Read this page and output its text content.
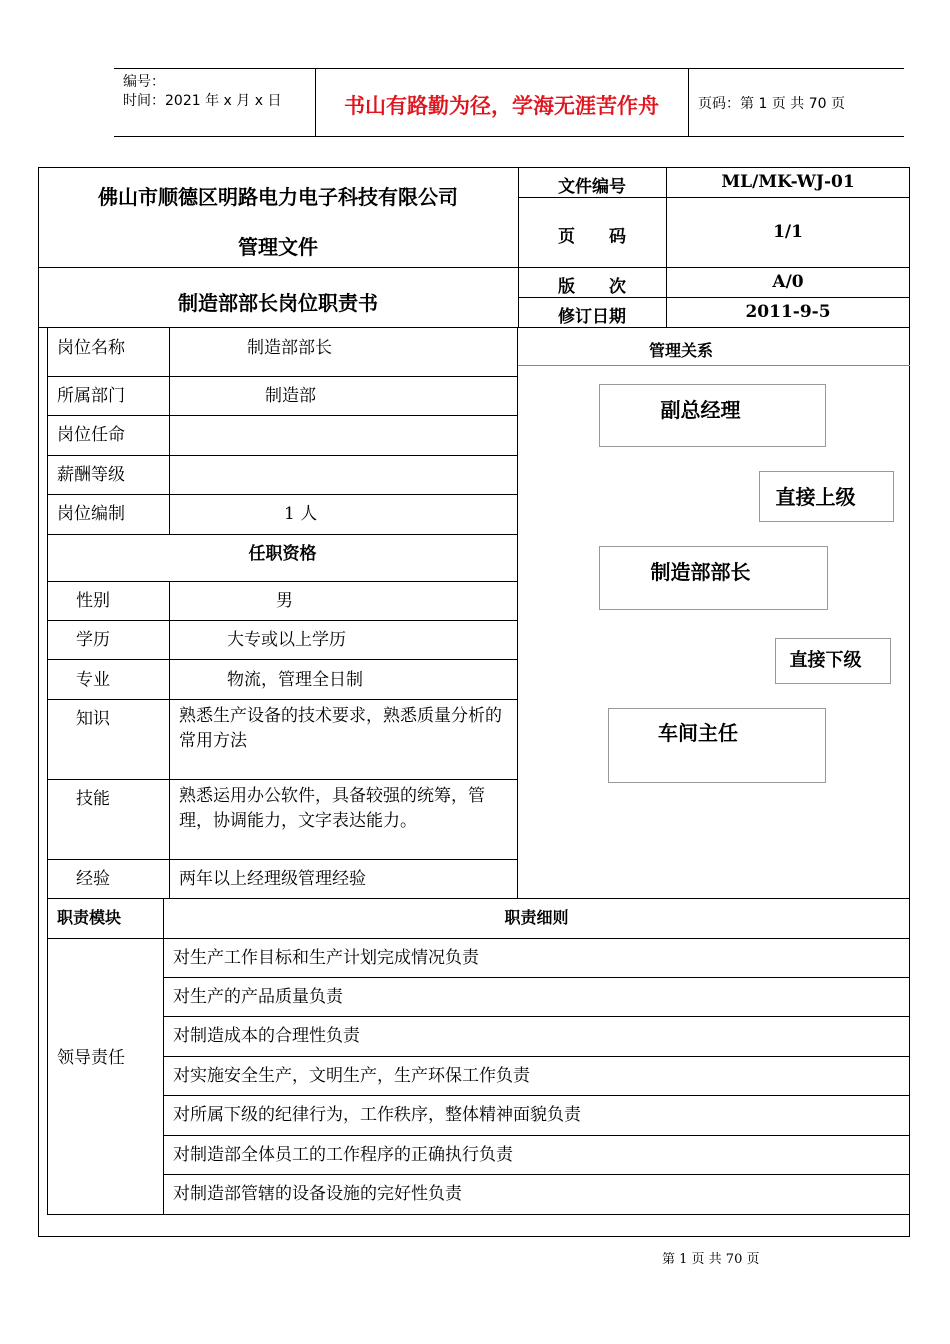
编号：
时间：2021 年 x 月 x 日	书山有路勤为径，学海无涯苦作舟	页码：第 1 页 共 70 页
佛山市顺德区明路电力电子科技有限公司
管理文件
制造部部长岗位职责书
文件编号	ML/MK-WJ-01
页　　码	1/1
版　　次	A/0
修订日期	2011-9-5
岗位名称	制造部部长
所属部门	制造部
岗位任命
薪酬等级
岗位编制	1 人
任职资格
性别	男
学历	大专或以上学历
专业	物流，管理全日制
知识	熟悉生产设备的技术要求，熟悉质量分析的常用方法
技能	熟悉运用办公软件，具备较强的统筹，管理，协调能力，文字表达能力。
经验	两年以上经理级管理经验
管理关系
副总经理
直接上级
制造部部长
直接下级
车间主任
职责模块	职责细则
领导责任
对生产工作目标和生产计划完成情况负责
对生产的产品质量负责
对制造成本的合理性负责
对实施安全生产，文明生产，生产环保工作负责
对所属下级的纪律行为，工作秩序，整体精神面貌负责
对制造部全体员工的工作程序的正确执行负责
对制造部管辖的设备设施的完好性负责
第 1 页 共 70 页
